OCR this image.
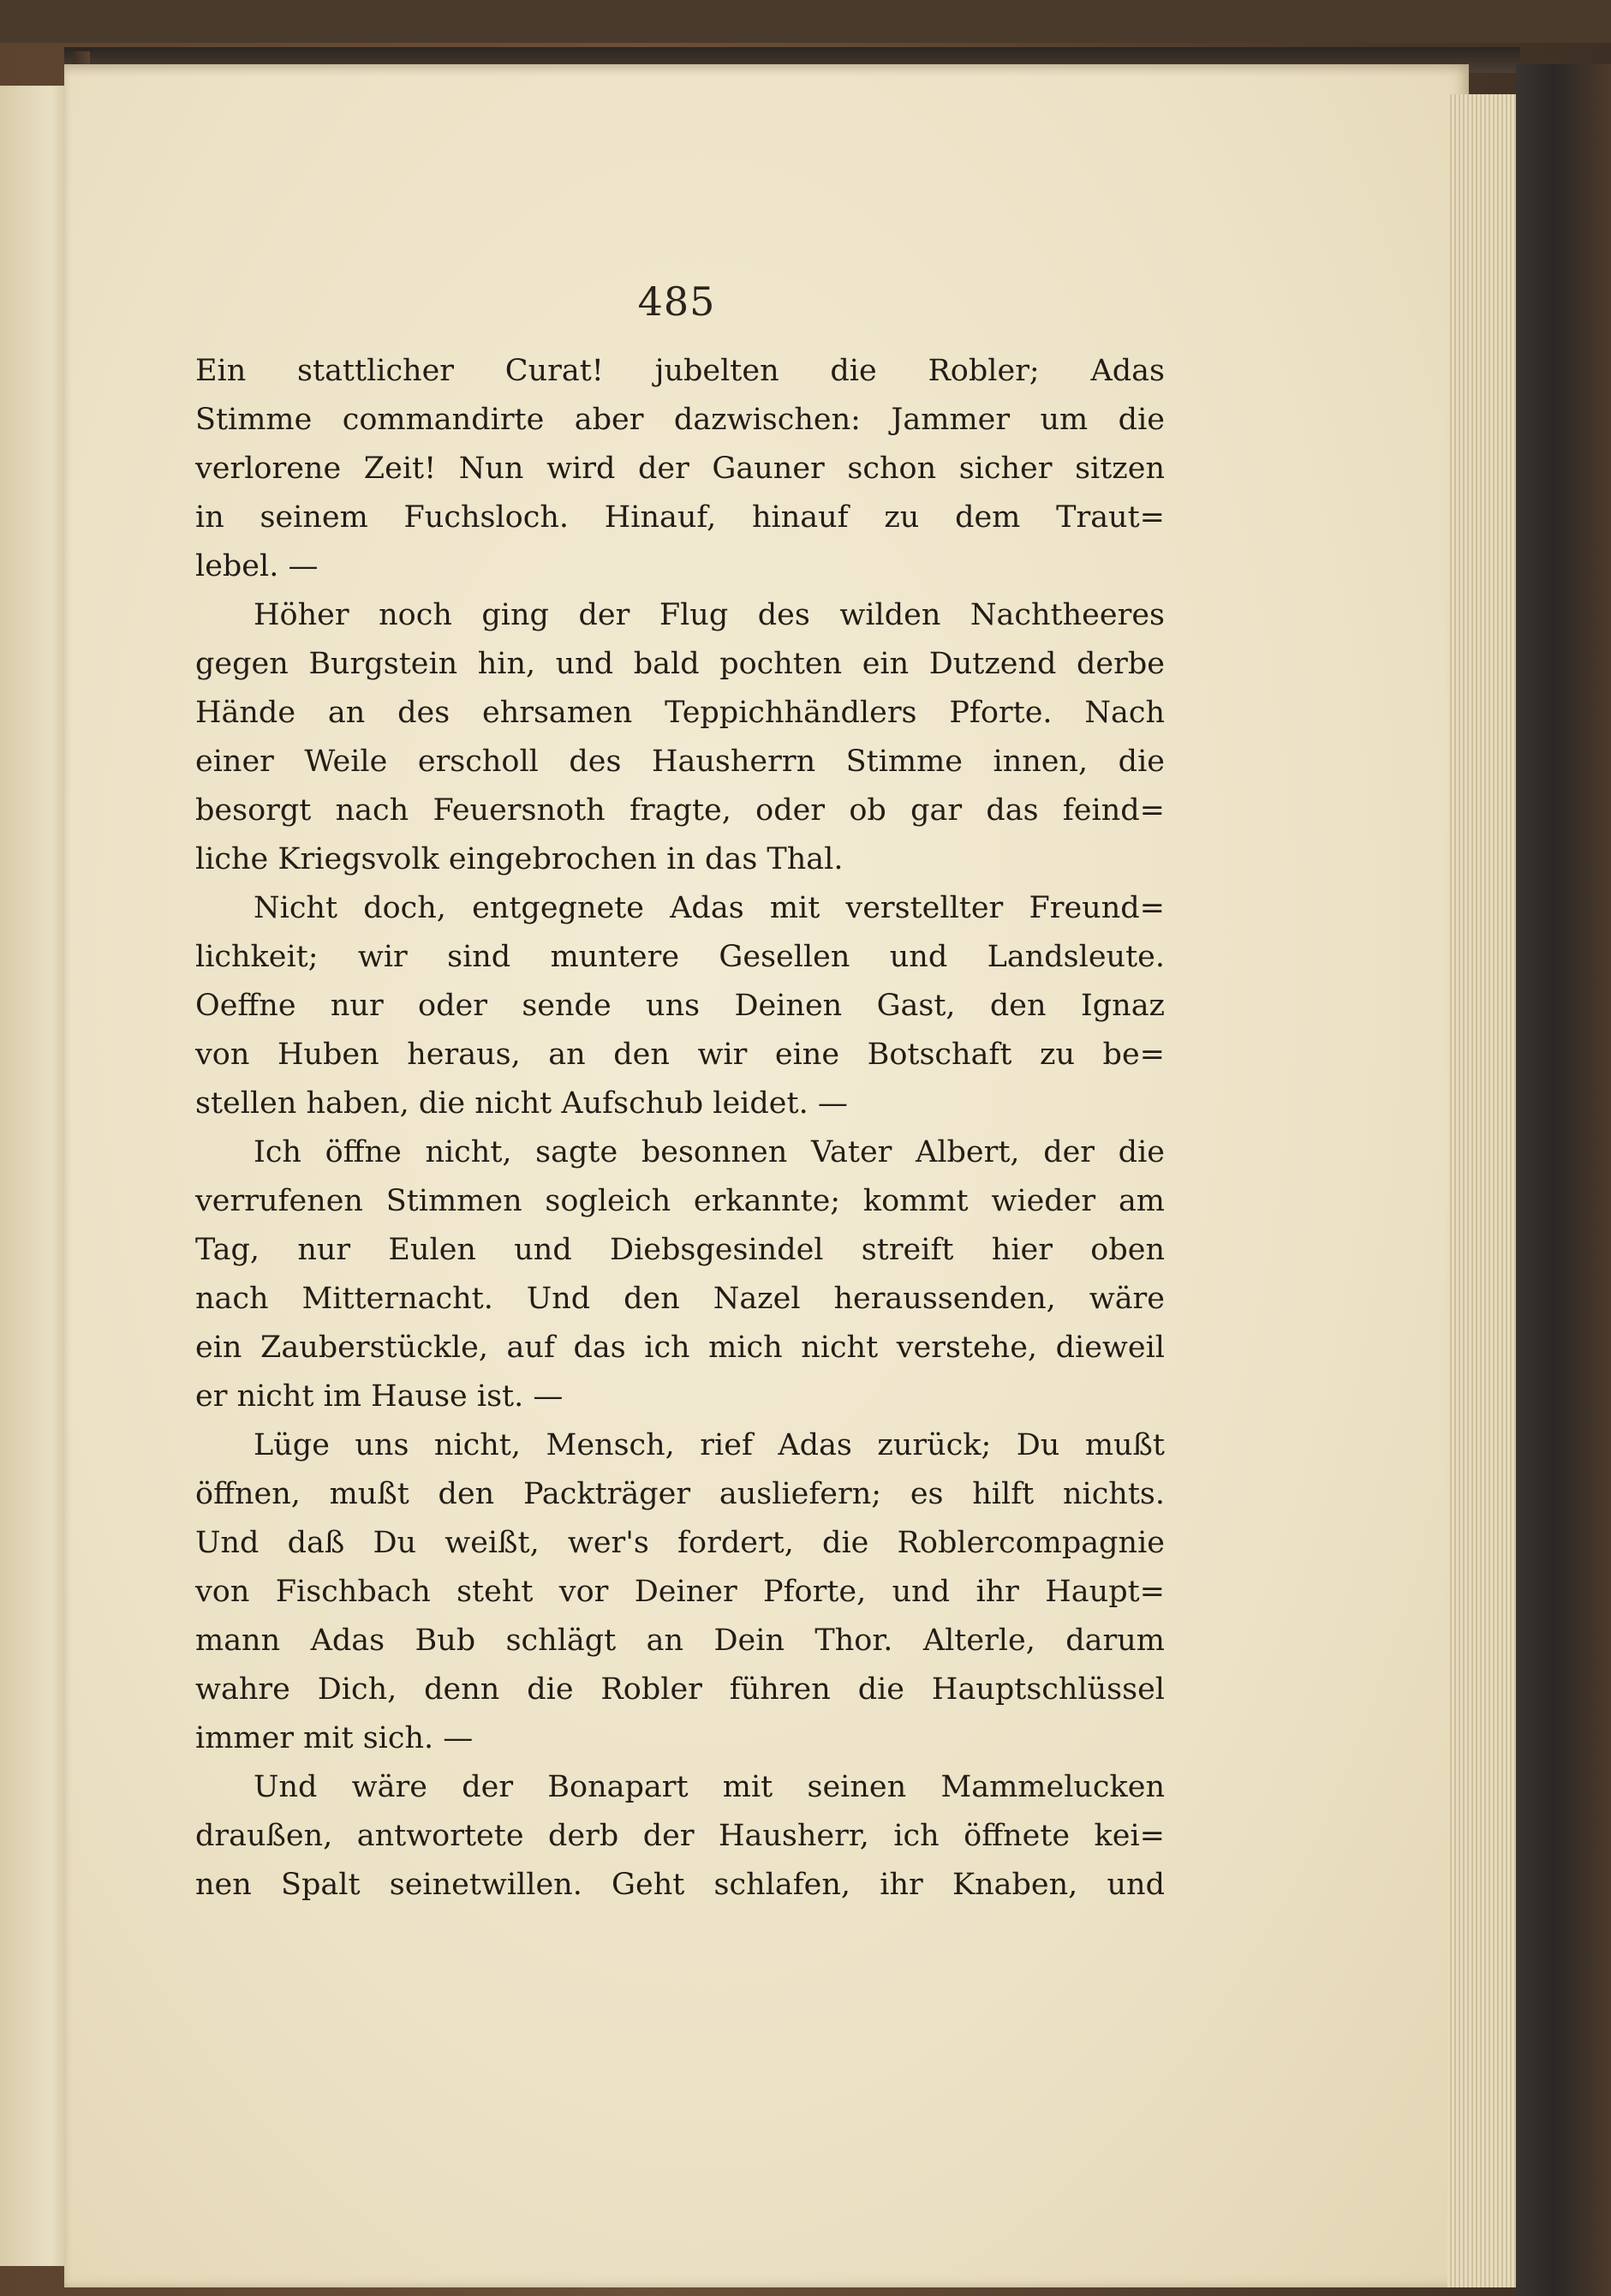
485
Ein stattlicher Curat! jubelten die Robler; Adas
Stimme commandirte aber dazwischen: Jammer um die
verlorene Zeit! Nun wird der Gauner schon sicher sitzen
in seinem Fuchsloch. Hinauf, hinauf zu dem Traut=
lebel. —
Höher noch ging der Flug des wilden Nachtheeres
gegen Burgstein hin, und bald pochten ein Dutzend derbe
Hände an des ehrsamen Teppichhändlers Pforte. Nach
einer Weile erscholl des Hausherrn Stimme innen, die
besorgt nach Feuersnoth fragte, oder ob gar das feind=
liche Kriegsvolk eingebrochen in das Thal.
Nicht doch, entgegnete Adas mit verstellter Freund=
lichkeit; wir sind muntere Gesellen und Landsleute.
Oeffne nur oder sende uns Deinen Gast, den Ignaz
von Huben heraus, an den wir eine Botschaft zu be=
stellen haben, die nicht Aufschub leidet. —
Ich öffne nicht, sagte besonnen Vater Albert, der die
verrufenen Stimmen sogleich erkannte; kommt wieder am
Tag, nur Eulen und Diebsgesindel streift hier oben
nach Mitternacht. Und den Nazel heraussenden, wäre
ein Zauberstückle, auf das ich mich nicht verstehe, dieweil
er nicht im Hause ist. —
Lüge uns nicht, Mensch, rief Adas zurück; Du mußt
öffnen, mußt den Packträger ausliefern; es hilft nichts.
Und daß Du weißt, wer's fordert, die Roblercompagnie
von Fischbach steht vor Deiner Pforte, und ihr Haupt=
mann Adas Bub schlägt an Dein Thor. Alterle, darum
wahre Dich, denn die Robler führen die Hauptschlüssel
immer mit sich. —
Und wäre der Bonapart mit seinen Mammelucken
draußen, antwortete derb der Hausherr, ich öffnete kei=
nen Spalt seinetwillen. Geht schlafen, ihr Knaben, und
